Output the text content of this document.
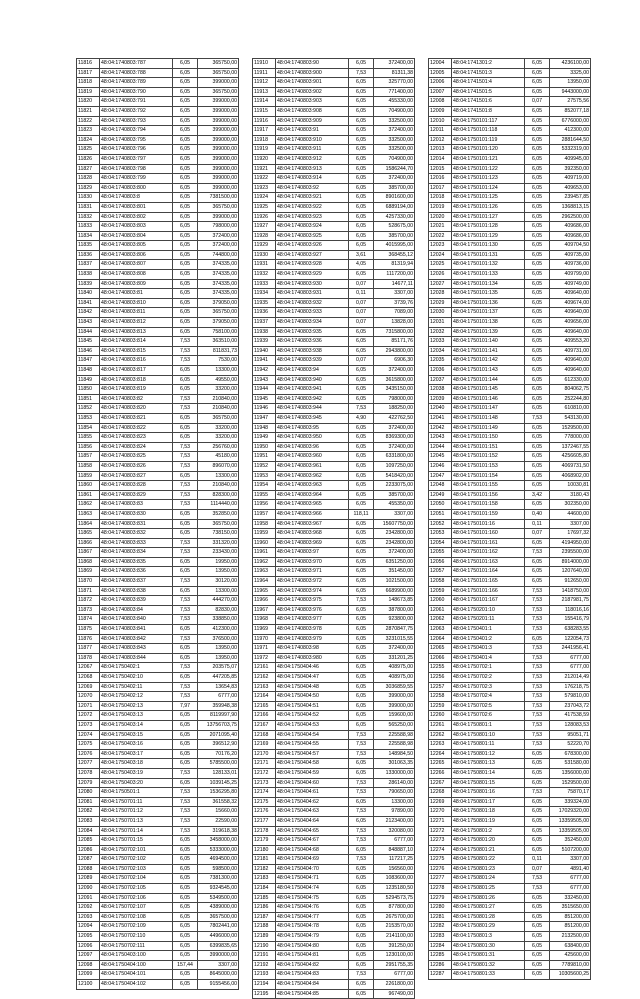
11816	48:04:1740803:787	6,05	365750,00
11817	48:04:1740803:788	6,05	365750,00
11818	48:04:1740803:789	6,05	399000,00
11819	48:04:1740803:790	6,05	365750,00
11820	48:04:1740803:791	6,05	399000,00
11821	48:04:1740803:792	6,05	399000,00
11822	48:04:1740803:793	6,05	399000,00
11823	48:04:1740803:794	6,05	399000,00
11824	48:04:1740803:795	6,05	399000,00
11825	48:04:1740803:796	6,05	399000,00
11826	48:04:1740803:797	6,05	399000,00
11827	48:04:1740803:798	6,05	399000,00
11828	48:04:1740803:799	6,05	399000,00
11829	48:04:1740803:800	6,05	399000,00
11830	48:04:1740803:8	6,05	7381500,00
11831	48:04:1740803:801	6,05	365750,00
11832	48:04:1740803:802	6,05	399000,00
11833	48:04:1740803:803	6,05	798000,00
11834	48:04:1740803:804	6,05	372400,00
11835	48:04:1740803:805	6,05	372400,00
11836	48:04:1740803:806	6,05	744800,00
11837	48:04:1740803:807	6,05	374335,00
11838	48:04:1740803:808	6,05	374335,00
11839	48:04:1740803:809	6,05	374335,00
11840	48:04:1740803:81	6,05	374335,00
11841	48:04:1740803:810	6,05	379050,00
11842	48:04:1740803:811	6,05	365750,00
11843	48:04:1740803:812	6,05	379050,00
11844	48:04:1740803:813	6,05	758100,00
11845	48:04:1740803:814	7,53	363510,00
11846	48:04:1740803:815	7,53	811831,73
11847	48:04:1740803:816	7,53	7530,00
11848	48:04:1740803:817	6,05	13300,00
11849	48:04:1740803:818	6,05	49550,00
11850	48:04:1740803:819	6,05	33200,00
11851	48:04:1740803:82	7,53	210840,00
11852	48:04:1740803:820	7,53	210840,00
11853	48:04:1740803:821	6,05	365750,00
11854	48:04:1740803:822	6,05	33200,00
11855	48:04:1740803:823	6,05	33200,00
11856	48:04:1740803:824	7,53	256760,00
11857	48:04:1740803:825	7,53	45180,00
11858	48:04:1740803:826	7,53	896070,00
11859	48:04:1740803:827	6,05	13300,00
11860	48:04:1740803:828	7,53	210840,00
11861	48:04:1740803:829	7,53	828300,00
11862	48:04:1740803:83	7,53	1114440,00
11863	48:04:1740803:830	6,05	352850,00
11864	48:04:1740803:831	6,05	365750,00
11865	48:04:1740803:832	6,05	738150,00
11866	48:04:1740803:833	7,53	331320,00
11867	48:04:1740803:834	7,53	233430,00
11868	48:04:1740803:835	6,05	19950,00
11869	48:04:1740803:836	6,05	13950,00
11870	48:04:1740803:837	7,53	30120,00
11871	48:04:1740803:838	6,05	13300,00
11872	48:04:1740803:839	7,53	444270,00
11873	48:04:1740803:84	7,53	82830,00
11874	48:04:1740803:840	7,53	338850,00
11875	48:04:1740803:841	6,05	412300,00
11876	48:04:1740803:842	7,53	376500,00
11877	48:04:1740803:843	6,05	13950,00
11878	48:04:1740803:844	6,05	13950,00
12067	48:04:1750402:1	7,53	203575,07
12068	48:04:1750402:10	6,05	447205,85
12069	48:04:1750402:11	7,53	13654,83
12070	48:04:1750402:12	7,53	6777,00
12071	48:04:1750402:13	7,97	359948,38
12072	48:04:1750403:13	6,05	8119997,90
12073	48:04:1750403:14	6,05	13756703,75
12074	48:04:1750403:15	6,05	2071095,40
12075	48:04:1750403:16	6,05	396512,90
12076	48:04:1750403:17	6,05	70176,20
12077	48:04:1750403:18	6,05	5785500,00
12078	48:04:1750403:19	7,53	128133,01
12079	48:04:1750403:20	6,05	1039145,25
12080	48:04:1750501:1	7,53	1536295,80
12081	48:04:1750701:11	7,53	361558,32
12082	48:04:1750701:12	7,53	15660,00
12083	48:04:1750701:13	7,53	22590,00
12084	48:04:1750701:14	7,53	319618,38
12085	48:04:1750701:15	6,05	3458000,00
12086	48:04:1750702:101	6,05	5333000,00
12087	48:04:1750702:102	6,05	4694500,00
12088	48:04:1750702:103	6,05	598500,00
12089	48:04:1750702:104	6,05	7381300,00
12090	48:04:1750702:105	6,05	9324545,00
12091	48:04:1750702:106	6,05	5349500,00
12092	48:04:1750702:107	6,05	4389000,00
12093	48:04:1750702:108	6,05	3657500,00
12094	48:04:1750702:109	6,05	7802441,00
12095	48:04:1750702:110	6,05	4496000,00
12096	48:04:1750702:111	6,05	6399835,65
12097	48:04:1750403:100	6,05	3990000,00
12098	48:04:1750404:100	157,44	3307,00
12099	48:04:1750404:101	6,05	8645000,00
12100	48:04:1750404:102	6,05	9155456,00
11910	48:04:1740803:90	6,05	372400,00
11911	48:04:1740803:900	7,53	81311,38
11912	48:04:1740803:901	6,05	325770,00
11913	48:04:1740803:902	6,05	771400,00
11914	48:04:1740803:903	6,05	455330,00
11915	48:04:1740803:908	6,05	704900,00
11916	48:04:1740803:909	6,05	332500,00
11917	48:04:1740803:91	6,05	372400,00
11918	48:04:1740803:910	6,05	332500,00
11919	48:04:1740803:911	6,05	332500,00
11920	48:04:1740803:912	6,05	704900,00
11921	48:04:1740803:913	6,05	1586244,70
11922	48:04:1740803:914	6,05	372400,00
11923	48:04:1740803:92	6,05	385700,00
11924	48:04:1740803:921	6,05	8901600,00
11925	48:04:1740803:922	6,05	6889194,00
11926	48:04:1740803:923	6,05	4257330,00
11927	48:04:1740803:924	6,05	528675,00
11928	48:04:1740803:925	6,05	385700,00
11929	48:04:1740803:926	6,05	4015995,00
11930	48:04:1740803:927	3,61	368455,12
11931	48:04:1740803:928	4,05	81319,94
11932	48:04:1740803:929	6,05	1117200,00
11933	48:04:1740803:930	0,07	14677,11
11934	48:04:1740803:931	0,11	3307,00
11935	48:04:1740803:932	0,07	3739,76
11936	48:04:1740803:933	0,07	7089,00
11937	48:04:1740803:934	0,07	13828,00
11938	48:04:1740803:935	6,05	7315800,00
11939	48:04:1740803:936	6,05	85171,76
11940	48:04:1740803:938	6,05	2943800,00
11941	48:04:1740803:939	0,07	6906,30
11942	48:04:1740803:94	6,05	372400,00
11943	48:04:1740803:940	6,05	3615800,00
11944	48:04:1740803:941	6,05	3435150,00
11945	48:04:1740803:942	6,05	798000,00
11946	48:04:1740803:944	7,53	188250,00
11947	48:04:1740803:945	4,90	422762,50
11948	48:04:1740803:95	6,05	372400,00
11949	48:04:1740803:950	6,05	8369300,00
11950	48:04:1740803:96	6,05	372400,00
11951	48:04:1740803:960	6,05	6331800,00
11952	48:04:1740803:961	6,05	1097250,00
11953	48:04:1740803:962	6,05	5418420,00
11954	48:04:1740803:963	6,05	2233075,00
11955	48:04:1740803:964	6,05	385700,00
11956	48:04:1740803:965	6,05	455350,00
11957	48:04:1740803:966	118,11	3307,00
11958	48:04:1740803:967	6,05	15607750,00
11959	48:04:1740803:968	6,05	2342800,00
11960	48:04:1740803:969	6,05	2342800,00
11961	48:04:1740803:97	6,05	372400,00
11962	48:04:1740803:970	6,05	6351250,00
11963	48:04:1740803:971	6,05	351450,00
11964	48:04:1740803:972	6,05	1021500,00
11965	48:04:1740803:974	6,05	6689900,00
11966	48:04:1740803:975	7,53	148673,85
11967	48:04:1740803:976	6,05	387800,00
11968	48:04:1740803:977	6,05	923800,00
11969	48:04:1740803:978	6,05	2870847,75
11970	48:04:1740803:979	6,05	3231015,55
11971	48:04:1740803:98	6,05	372400,00
11972	48:04:1740803:980	6,05	331201,25
12161	48:04:1750404:46	6,05	408975,00
12162	48:04:1750404:47	6,05	408975,00
12163	48:04:1750404:48	6,05	3036859,55
12164	48:04:1750404:50	6,05	399000,00
12165	48:04:1750404:51	6,05	399000,00
12166	48:04:1750404:52	6,05	159600,00
12167	48:04:1750404:53	6,05	565250,00
12168	48:04:1750404:54	7,53	225588,98
12169	48:04:1750404:55	7,53	225588,98
12170	48:04:1750404:57	7,53	148984,50
12171	48:04:1750404:58	6,05	301063,35
12172	48:04:1750404:59	6,05	1330000,00
12173	48:04:1750404:60	7,53	286140,00
12174	48:04:1750404:61	7,53	790650,00
12175	48:04:1750404:62	6,05	13300,00
12176	48:04:1750404:63	7,53	97890,00
12177	48:04:1750404:64	6,05	2123400,00
12178	48:04:1750404:65	7,53	320080,00
12179	48:04:1750404:67	7,53	6777,00
12180	48:04:1750404:68	6,05	848887,10
12181	48:04:1750404:69	7,53	117217,25
12182	48:04:1750404:70	6,05	156560,00
12183	48:04:1750404:71	6,05	1083600,00
12184	48:04:1750404:74	6,05	1235180,50
12185	48:04:1750404:75	6,05	5294573,75
12186	48:04:1750404:76	6,05	877800,00
12187	48:04:1750404:77	6,05	2675700,00
12188	48:04:1750404:78	6,05	2153570,00
12189	48:04:1750404:79	6,05	2141100,00
12190	48:04:1750404:80	6,05	391250,00
12191	48:04:1750404:81	6,05	1230100,00
12192	48:04:1750404:82	6,05	2951755,35
12193	48:04:1750404:83	7,53	6777,00
12194	48:04:1750404:84	6,05	2261800,00
12195	48:04:1750404:85	6,05	967490,00
12004	48:04:1741301:2	6,05	4236100,00
12005	48:04:1741501:3	6,05	3325,00
12006	48:04:1741501:4	6,05	13950,00
12007	48:04:1741501:5	6,05	9443000,00
12008	48:04:1741501:6	0,07	27575,56
12009	48:04:1741501:8	6,05	852077,18
12010	48:04:1750101:117	6,05	6776000,00
12011	48:04:1750101:118	6,05	412300,00
12012	48:04:1750101:119	6,05	2881644,50
12013	48:04:1750101:120	6,05	5332319,00
12014	48:04:1750101:121	6,05	409945,00
12015	48:04:1750101:122	6,05	392350,00
12016	48:04:1750101:123	6,05	409719,00
12017	48:04:1750101:124	6,05	409653,00
12018	48:04:1750101:125	6,05	239457,85
12019	48:04:1750101:126	6,05	1368813,15
12020	48:04:1750101:127	6,05	2962500,00
12021	48:04:1750101:128	6,05	409686,00
12022	48:04:1750101:129	6,05	409686,00
12023	48:04:1750101:130	6,05	409704,50
12024	48:04:1750101:131	6,05	409735,00
12025	48:04:1750101:132	6,05	409736,00
12026	48:04:1750101:133	6,05	409799,00
12027	48:04:1750101:134	6,05	409749,00
12028	48:04:1750101:135	6,05	409640,00
12029	48:04:1750101:136	6,05	409674,00
12030	48:04:1750101:137	6,05	409640,00
12031	48:04:1750101:138	6,05	409656,00
12032	48:04:1750101:139	6,05	409640,00
12033	48:04:1750101:140	6,05	409553,20
12034	48:04:1750101:141	6,05	409731,00
12035	48:04:1750101:142	6,05	409640,00
12036	48:04:1750101:143	6,05	409640,00
12037	48:04:1750101:144	6,05	612330,00
12038	48:04:1750101:145	6,05	804062,75
12039	48:04:1750101:146	6,05	252244,80
12040	48:04:1750101:147	6,05	610810,00
12041	48:04:1750101:148	7,53	543130,00
12042	48:04:1750101:149	6,05	1529500,00
12043	48:04:1750101:150	6,05	778000,00
12044	48:04:1750101:151	6,05	1372467,55
12045	48:04:1750101:152	6,05	4256605,80
12046	48:04:1750101:153	6,05	4069731,50
12047	48:04:1750101:154	6,05	4068902,00
12048	48:04:1750101:155	6,05	10030,81
12049	48:04:1750101:156	3,42	3180,43
12050	48:04:1750101:158	6,05	302350,00
12051	48:04:1750101:159	0,40	44600,00
12052	48:04:1750101:16	0,11	3307,00
12053	48:04:1750101:160	0,07	17697,32
12054	48:04:1750101:161	6,05	4194950,00
12055	48:04:1750101:162	7,53	2395500,00
12056	48:04:1750101:163	6,05	8914000,00
12057	48:04:1750101:164	6,05	1207640,00
12058	48:04:1750101:165	6,05	912650,00
12059	48:04:1750101:166	7,53	1418750,00
12060	48:04:1750101:167	7,53	2187981,75
12061	48:04:1750201:10	7,53	118016,16
12062	48:04:1750201:11	7,53	155416,79
12063	48:04:1750401:1	7,53	638283,55
12064	48:04:1750401:2	6,05	122054,73
12065	48:04:1750401:3	7,53	2441956,41
12066	48:04:1750401:4	7,53	6777,00
12255	48:04:1750702:1	7,53	6777,00
12256	48:04:1750702:2	7,53	212014,49
12257	48:04:1750702:3	7,53	176218,75
12258	48:04:1750702:4	7,53	579810,00
12259	48:04:1750702:5	7,53	237043,72
12260	48:04:1750702:6	7,53	417538,59
12261	48:04:1750801:1	7,53	128083,53
12262	48:04:1750801:10	7,53	95051,71
12263	48:04:1750801:11	7,53	52220,70
12264	48:04:1750801:12	6,05	678300,00
12265	48:04:1750801:13	6,05	531580,00
12266	48:04:1750801:14	6,05	1356000,00
12267	48:04:1750801:15	6,05	1529500,00
12268	48:04:1750801:16	7,53	75870,17
12269	48:04:1750801:17	6,05	339324,00
12270	48:04:1750801:18	6,05	17029320,00
12271	48:04:1750801:19	6,05	13359505,00
12272	48:04:1750801:2	6,05	13359505,00
12273	48:04:1750801:20	6,05	352450,00
12274	48:04:1750801:21	6,05	5107200,00
12275	48:04:1750801:22	0,11	3307,00
12276	48:04:1750801:23	0,07	4891,40
12277	48:04:1750801:24	7,53	6777,00
12278	48:04:1750801:25	7,53	6777,00
12279	48:04:1750801:26	6,05	332450,00
12280	48:04:1750801:27	6,05	3515650,00
12281	48:04:1750801:28	6,05	851200,00
12282	48:04:1750801:29	6,05	851200,00
12283	48:04:1750801:3	6,05	2132500,00
12284	48:04:1750801:30	6,05	638400,00
12285	48:04:1750801:31	6,05	425600,00
12286	48:04:1750801:32	6,05	7789810,00
12287	48:04:1750801:33	6,05	10305600,25
